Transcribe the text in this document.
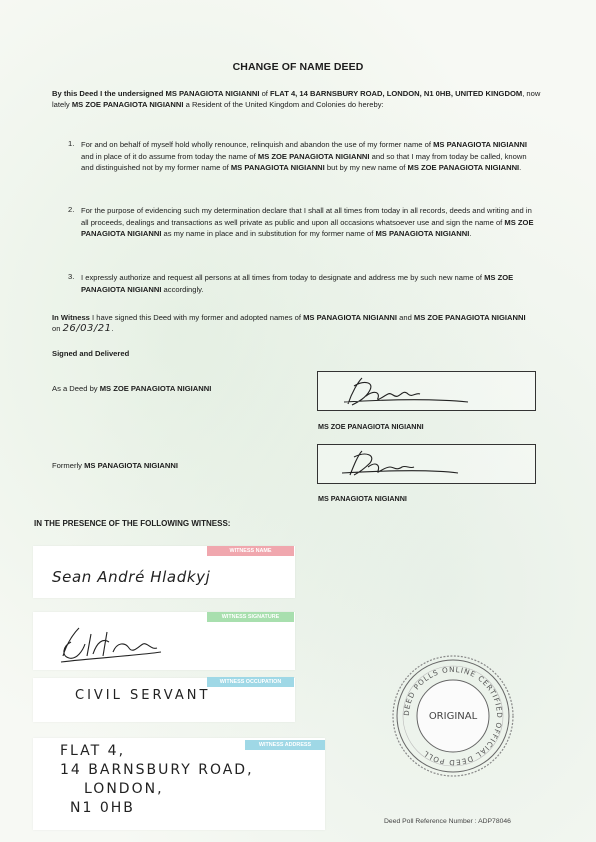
CHANGE OF NAME DEED
By this Deed I the undersigned MS PANAGIOTA NIGIANNI of FLAT 4, 14 BARNSBURY ROAD, LONDON, N1 0HB, UNITED KINGDOM, now lately MS ZOE PANAGIOTA NIGIANNI a Resident of the United Kingdom and Colonies do hereby:
1. For and on behalf of myself hold wholly renounce, relinquish and abandon the use of my former name of MS PANAGIOTA NIGIANNI and in place of it do assume from today the name of MS ZOE PANAGIOTA NIGIANNI and so that I may from today be called, known and distinguished not by my former name of MS PANAGIOTA NIGIANNI but by my new name of MS ZOE PANAGIOTA NIGIANNI.
2. For the purpose of evidencing such my determination declare that I shall at all times from today in all records, deeds and writing and in all proceeds, dealings and transactions as well private as public and upon all occasions whatsoever use and sign the name of MS ZOE PANAGIOTA NIGIANNI as my name in place and in substitution for my former name of MS PANAGIOTA NIGIANNI.
3. I expressly authorize and request all persons at all times from today to designate and address me by such new name of MS ZOE PANAGIOTA NIGIANNI accordingly.
In Witness I have signed this Deed with my former and adopted names of MS PANAGIOTA NIGIANNI and MS ZOE PANAGIOTA NIGIANNI on 26/03/21.
Signed and Delivered
As a Deed by MS ZOE PANAGIOTA NIGIANNI
Formerly MS PANAGIOTA NIGIANNI
MS ZOE PANAGIOTA NIGIANNI
MS PANAGIOTA NIGIANNI
IN THE PRESENCE OF THE FOLLOWING WITNESS:
WITNESS NAME
Sean André Hladkyj
WITNESS SIGNATURE
WITNESS OCCUPATION
CIVIL SERVANT
WITNESS ADDRESS
FLAT 4,
14 BARNSBURY ROAD,
LONDON,
N1 0HB
DEED POLLS ONLINE CERTIFIED OFFICIAL DEED POLL
ORIGINAL
Deed Poll Reference Number : ADP78046
